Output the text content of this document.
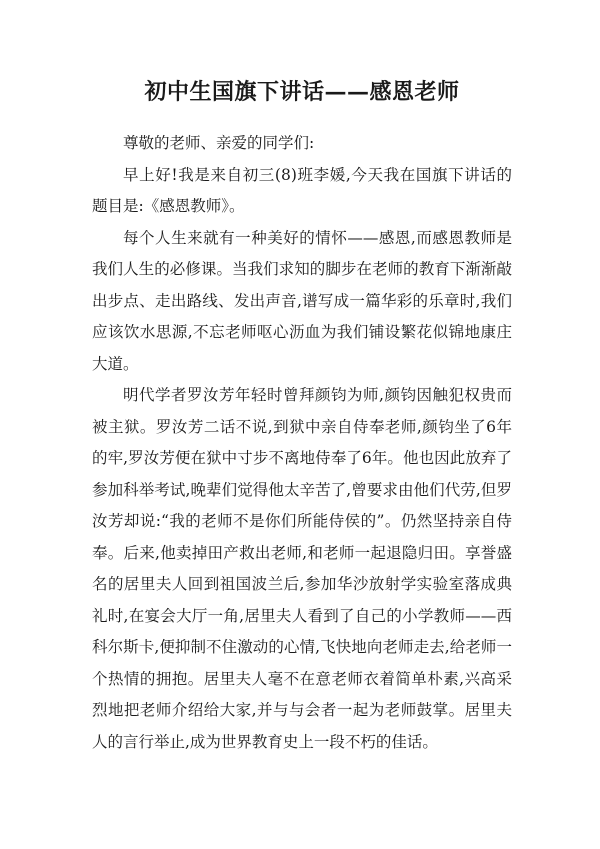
初中生国旗下讲话——感恩老师

尊敬的老师、亲爱的同学们:

早上好!我是来自初三(8)班李媛,今天我在国旗下讲话的题目是:《感恩教师》。

每个人生来就有一种美好的情怀——感恩,而感恩教师是我们人生的必修课。当我们求知的脚步在老师的教育下渐渐敲出步点、走出路线、发出声音,谱写成一篇华彩的乐章时,我们应该饮水思源,不忘老师呕心沥血为我们铺设繁花似锦地康庄大道。

明代学者罗汝芳年轻时曾拜颜钧为师,颜钧因触犯权贵而被主狱。罗汝芳二话不说,到狱中亲自侍奉老师,颜钧坐了6年的牢,罗汝芳便在狱中寸步不离地侍奉了6年。他也因此放弃了参加科举考试,晚辈们觉得他太辛苦了,曾要求由他们代劳,但罗汝芳却说:“我的老师不是你们所能侍侯的”。仍然坚持亲自侍奉。后来,他卖掉田产救出老师,和老师一起退隐归田。享誉盛名的居里夫人回到祖国波兰后,参加华沙放射学实验室落成典礼时,在宴会大厅一角,居里夫人看到了自己的小学教师——西科尔斯卡,便抑制不住激动的心情,飞快地向老师走去,给老师一个热情的拥抱。居里夫人毫不在意老师衣着简单朴素,兴高采烈地把老师介绍给大家,并与与会者一起为老师鼓掌。居里夫人的言行举止,成为世界教育史上一段不朽的佳话。
